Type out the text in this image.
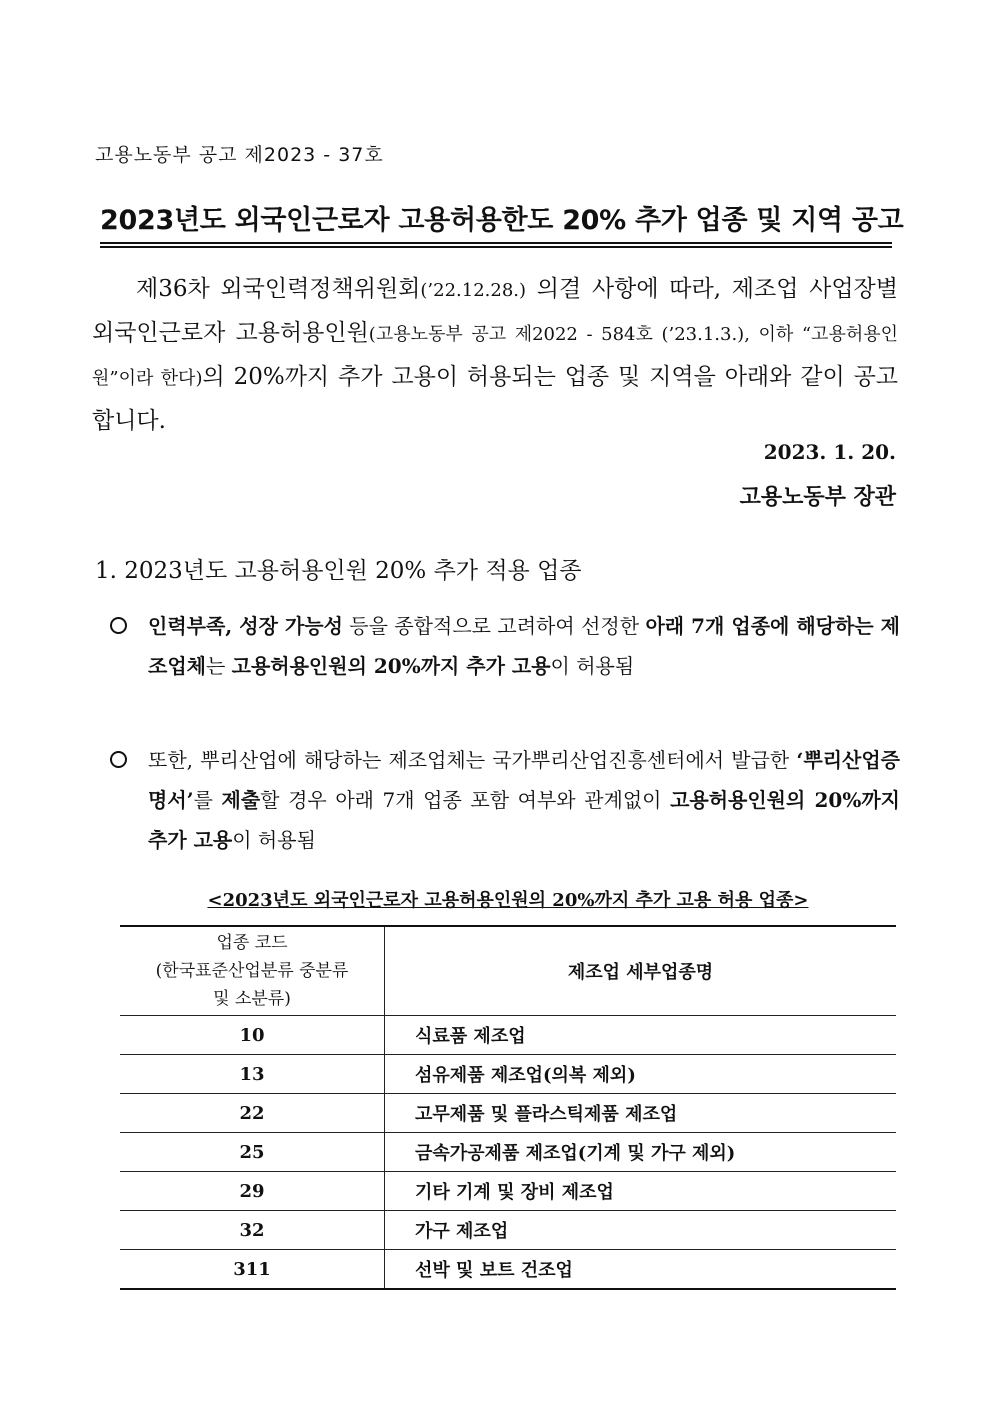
고용노동부 공고 제2023 - 37호
2023년도 외국인근로자 고용허용한도 20% 추가 업종 및 지역 공고
제36차 외국인력정책위원회(’22.12.28.) 의결 사항에 따라, 제조업 사업장별 외국인근로자 고용허용인원(고용노동부 공고 제2022 - 584호 (’23.1.3.), 이하 “고용허용인원”이라 한다)의 20%까지 추가 고용이 허용되는 업종 및 지역을 아래와 같이 공고합니다.
2023. 1. 20.
고용노동부 장관
1. 2023년도 고용허용인원 20% 추가 적용 업종
인력부족, 성장 가능성 등을 종합적으로 고려하여 선정한 아래 7개 업종에 해당하는 제조업체는 고용허용인원의 20%까지 추가 고용이 허용됨
또한, 뿌리산업에 해당하는 제조업체는 국가뿌리산업진흥센터에서 발급한 ‘뿌리산업증명서’를 제출할 경우 아래 7개 업종 포함 여부와 관계없이 고용허용인원의 20%까지 추가 고용이 허용됨
<2023년도 외국인근로자 고용허용인원의 20%까지 추가 고용 허용 업종>
업종 코드
(한국표준산업분류 중분류
및 소분류)	제조업 세부업종명
10	식료품 제조업
13	섬유제품 제조업(의복 제외)
22	고무제품 및 플라스틱제품 제조업
25	금속가공제품 제조업(기계 및 가구 제외)
29	기타 기계 및 장비 제조업
32	가구 제조업
311	선박 및 보트 건조업
